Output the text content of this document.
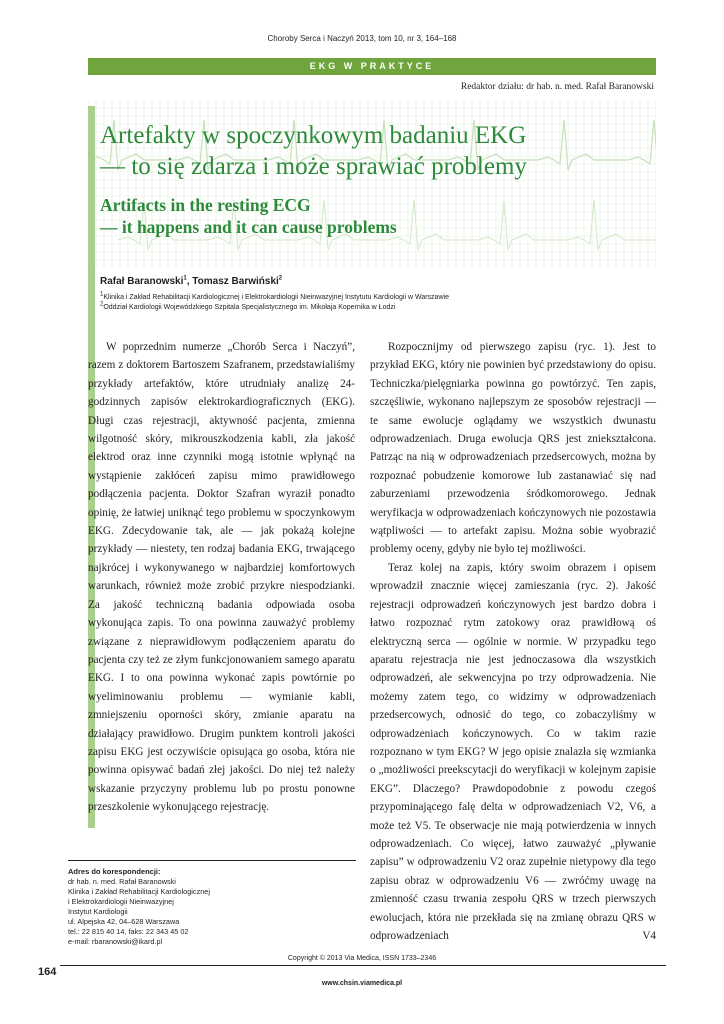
Choroby Serca i Naczyń 2013, tom 10, nr 3, 164–168
EKG W PRAKTYCE
Redaktor działu: dr hab. n. med. Rafał Baranowski
Artefakty w spoczynkowym badaniu EKG
— to się zdarza i może sprawiać problemy
Artifacts in the resting ECG
— it happens and it can cause problems
Rafał Baranowski$^1$, Tomasz Barwiński$^2$
$^1$Klinika i Zakład Rehabilitacji Kardiologicznej i Elektrokardiologii Nieinwazyjnej Instytutu Kardiologii w Warszawie
$^2$Oddział Kardiologii Wojewódzkiego Szpitala Specjalistycznego im. Mikołaja Kopernika w Łodzi

W poprzednim numerze „Chorób Serca i Naczyń”, razem z doktorem Bartoszem Szafranem, przedstawialiśmy przykłady artefaktów, które utrudniały analizę 24-godzinnych zapisów elektrokardiograficznych (EKG). Długi czas rejestracji, aktywność pacjenta, zmienna wilgotność skóry, mikrouszkodzenia kabli, zła jakość elektrod oraz inne czynniki mogą istotnie wpłynąć na wystąpienie zakłóceń zapisu mimo prawidłowego podłączenia pacjenta. Doktor Szafran wyraził ponadto opinię, że łatwiej uniknąć tego problemu w spoczynkowym EKG. Zdecydowanie tak, ale — jak pokażą kolejne przykłady — niestety, ten rodzaj badania EKG, trwającego najkrócej i wykonywanego w najbardziej komfortowych warunkach, również może zrobić przykre niespodzianki. Za jakość techniczną badania odpowiada osoba wykonująca zapis. To ona powinna zauważyć problemy związane z nieprawidłowym podłączeniem aparatu do pacjenta czy też ze złym funkcjonowaniem samego aparatu EKG. I to ona powinna wykonać zapis powtórnie po wyeliminowaniu problemu — wymianie kabli, zmniejszeniu oporności skóry, zmianie aparatu na działający prawidłowo. Drugim punktem kontroli jakości zapisu EKG jest oczywiście opisująca go osoba, która nie powinna opisywać badań złej jakości. Do niej też należy wskazanie przyczyny problemu lub po prostu ponowne przeszkolenie wykonującego rejestrację.

Rozpocznijmy od pierwszego zapisu (ryc. 1). Jest to przykład EKG, który nie powinien być przedstawiony do opisu. Techniczka/pielęgniarka powinna go powtórzyć. Ten zapis, szczęśliwie, wykonano najlepszym ze sposobów rejestracji —te same ewolucje oglądamy we wszystkich dwunastu odprowadzeniach. Druga ewolucja QRS jest zniekształcona. Patrząc na nią w odprowadzeniach przedsercowych, można by rozpoznać pobudzenie komorowe lub zastanawiać się nad zaburzeniami przewodzenia śródkomorowego. Jednak weryfikacja w odprowadzeniach kończynowych nie pozostawia wątpliwości — to artefakt zapisu. Można sobie wyobrazić problemy oceny, gdyby nie było tej możliwości.

Teraz kolej na zapis, który swoim obrazem i opisem wprowadził znacznie więcej zamieszania (ryc. 2). Jakość rejestracji odprowadzeń kończynowych jest bardzo dobra i łatwo rozpoznać rytm zatokowy oraz prawidłową oś elektryczną serca — ogólnie w normie. W przypadku tego aparatu rejestracja nie jest jednoczasowa dla wszystkich odprowadzeń, ale sekwencyjna po trzy odprowadzenia. Nie możemy zatem tego, co widzimy w odprowadzeniach przedsercowych, odnosić do tego, co zobaczyliśmy w odprowadzeniach kończynowych. Co w takim razie rozpoznano w tym EKG? W jego opisie znalazła się wzmianka o „możliwości preekscytacji do weryfikacji w kolejnym zapisie EKG”. Dlaczego? Prawdopodobnie z powodu czegoś przypominającego falę delta w odprowadzeniach V2, V6, a może też V5. Te obserwacje nie mają potwierdzenia w innych odprowadzeniach. Co więcej, łatwo zauważyć „pływanie zapisu” w odprowadzeniu V2 oraz zupełnie nietypowy dla tego zapisu obraz w odprowadzeniu V6 — zwróćmy uwagę na zmienność czasu trwania zespołu QRS w trzech pierwszych ewolucjach, która nie przekłada się na zmianę obrazu QRS w odprowadzeniach V4

Adres do korespondencji:
dr hab. n. med. Rafał Baranowski
Klinika i Zakład Rehabilitacji Kardiologicznej
i Elektrokardiologii Nieinwazyjnej
Instytut Kardiologii
ul. Alpejska 42, 04–628 Warszawa
tel.: 22 815 40 14, faks: 22 343 45 02
e-mail: rbaranowski@ikard.pl
Copyright © 2013 Via Medica, ISSN 1733–2346
164
www.chsin.viamedica.pl
